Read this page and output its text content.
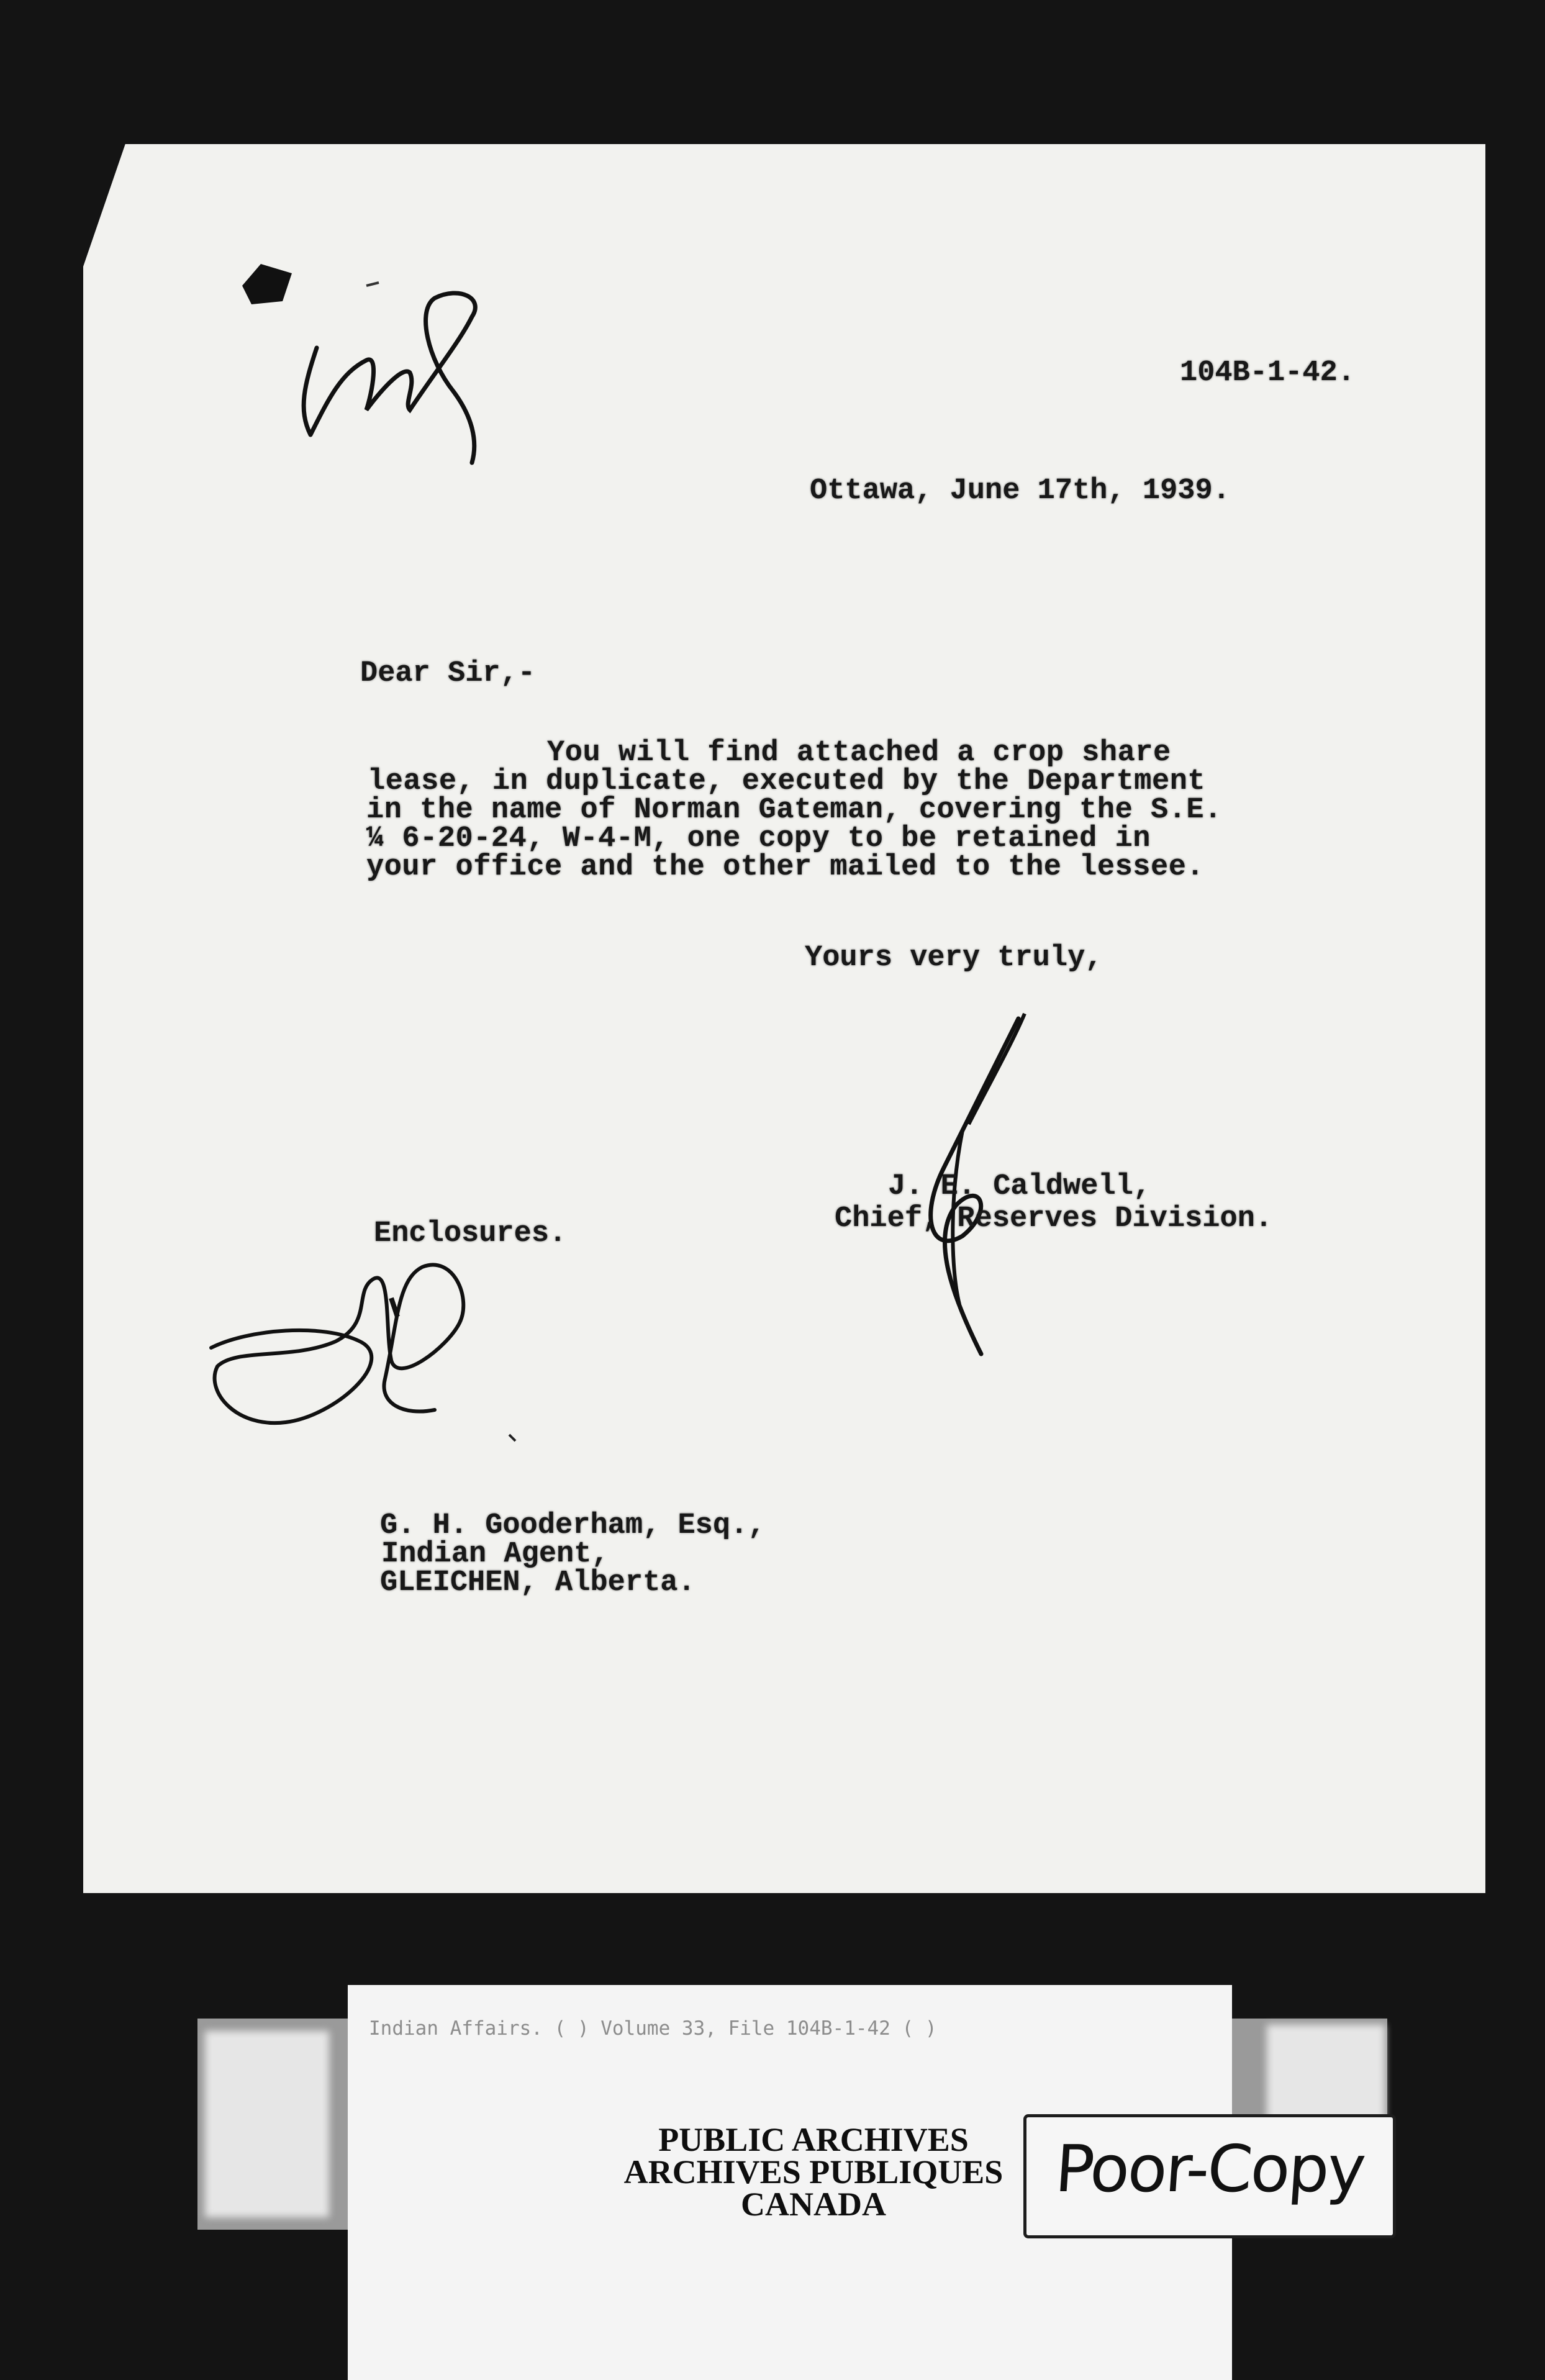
104B-1-42.

Ottawa, June 17th, 1939.

Dear Sir,-

You will find attached a crop share

lease, in duplicate, executed by the Department

in the name of Norman Gateman, covering the S.E.

¼ 6-20-24, W-4-M, one copy to be retained in

your office and the other mailed to the lessee.

Yours very truly,

J. E. Caldwell,

Chief, Reserves Division.

Enclosures.

G. H. Gooderham, Esq.,

Indian Agent,

GLEICHEN, Alberta.

Indian Affairs. ( ) Volume 33, File 104B-1-42 ( )
PUBLIC ARCHIVES
ARCHIVES PUBLIQUES
CANADA	Poor-Copy
